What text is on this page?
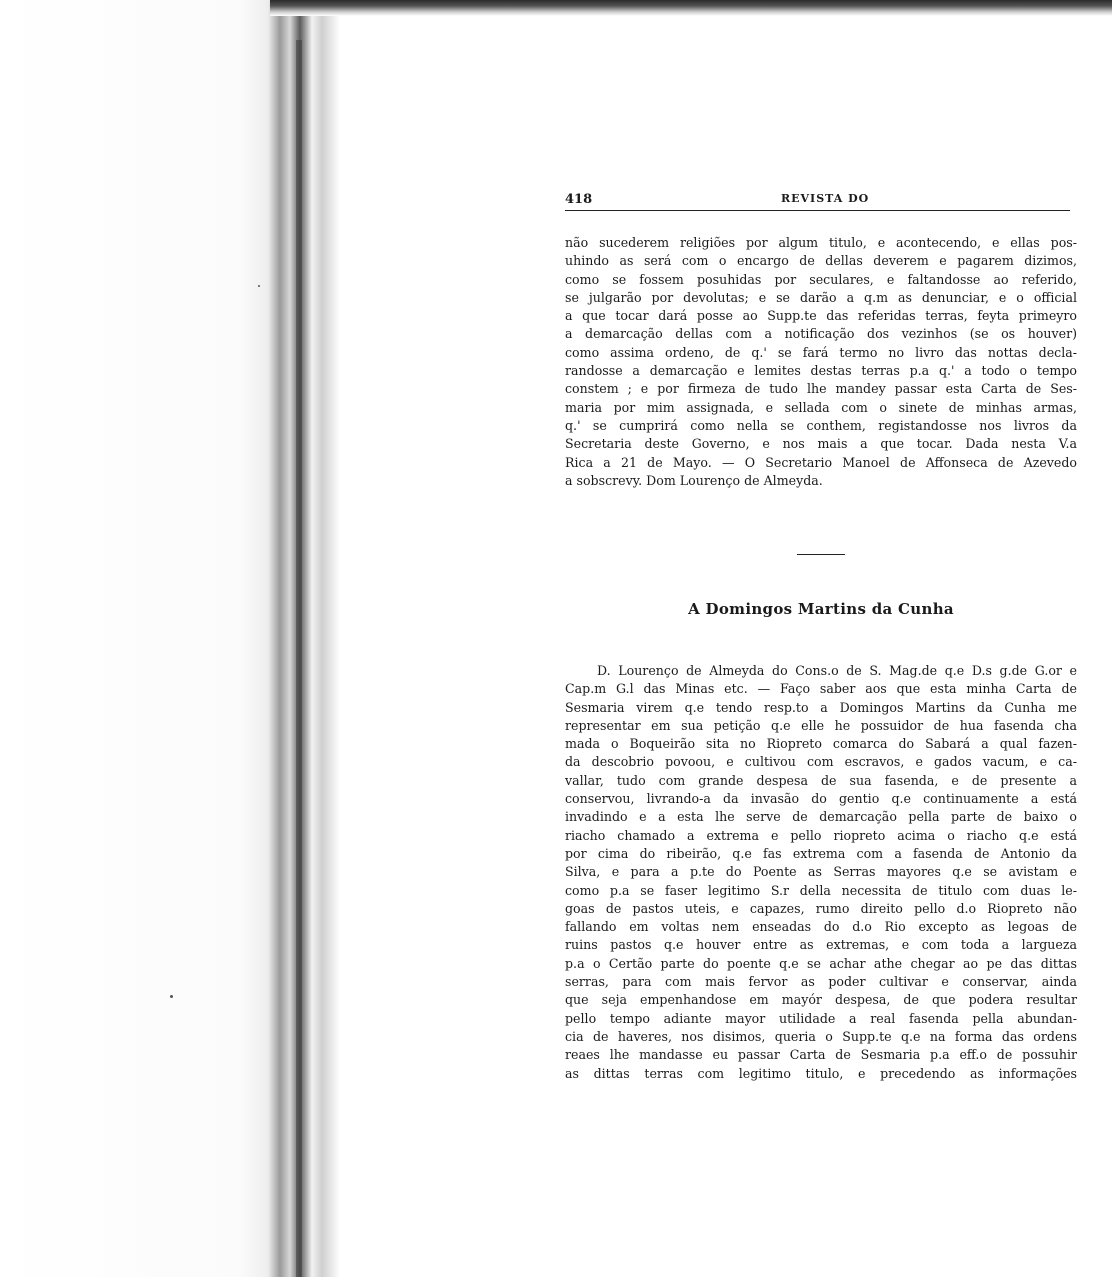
418	REVISTA DO
não sucederem religiões por algum titulo, e acontecendo, e ellas pos-
uhindo as será com o encargo de dellas deverem e pagarem dizimos,
como se fossem posuhidas por seculares, e faltandosse ao referido,
se julgarão por devolutas; e se darão a q.m as denunciar, e o official
a que tocar dará posse ao Supp.te das referidas terras, feyta primeyro
a demarcação dellas com a notificação dos vezinhos (se os houver)
como assima ordeno, de q.' se fará termo no livro das nottas decla-
randosse a demarcação e lemites destas terras p.a q.' a todo o tempo
constem ; e por firmeza de tudo lhe mandey passar esta Carta de Ses-
maria por mim assignada, e sellada com o sinete de minhas armas,
q.' se cumprirá como nella se conthem, registandosse nos livros da
Secretaria deste Governo, e nos mais a que tocar. Dada nesta V.a
Rica a 21 de Mayo. — O Secretario Manoel de Affonseca de Azevedo
a sobscrevy. Dom Lourenço de Almeyda.
A Domingos Martins da Cunha
D. Lourenço de Almeyda do Cons.o de S. Mag.de q.e D.s g.de G.or e
Cap.m G.l das Minas etc. — Faço saber aos que esta minha Carta de
Sesmaria virem q.e tendo resp.to a Domingos Martins da Cunha me
representar em sua petição q.e elle he possuidor de hua fasenda cha
mada o Boqueirão sita no Riopreto comarca do Sabará a qual fazen-
da descobrio povoou, e cultivou com escravos, e gados vacum, e ca-
vallar, tudo com grande despesa de sua fasenda, e de presente a
conservou, livrando-a da invasão do gentio q.e continuamente a está
invadindo e a esta lhe serve de demarcação pella parte de baixo o
riacho chamado a extrema e pello riopreto acima o riacho q.e está
por cima do ribeirão, q.e fas extrema com a fasenda de Antonio da
Silva, e para a p.te do Poente as Serras mayores q.e se avistam e
como p.a se faser legitimo S.r della necessita de titulo com duas le-
goas de pastos uteis, e capazes, rumo direito pello d.o Riopreto não
fallando em voltas nem enseadas do d.o Rio excepto as legoas de
ruins pastos q.e houver entre as extremas, e com toda a largueza
p.a o Certão parte do poente q.e se achar athe chegar ao pe das dittas
serras, para com mais fervor as poder cultivar e conservar, ainda
que seja empenhandose em mayór despesa, de que podera resultar
pello tempo adiante mayor utilidade a real fasenda pella abundan-
cia de haveres, nos disimos, queria o Supp.te q.e na forma das ordens
reaes lhe mandasse eu passar Carta de Sesmaria p.a eff.o de possuhir
as dittas terras com legitimo titulo, e precedendo as informações
